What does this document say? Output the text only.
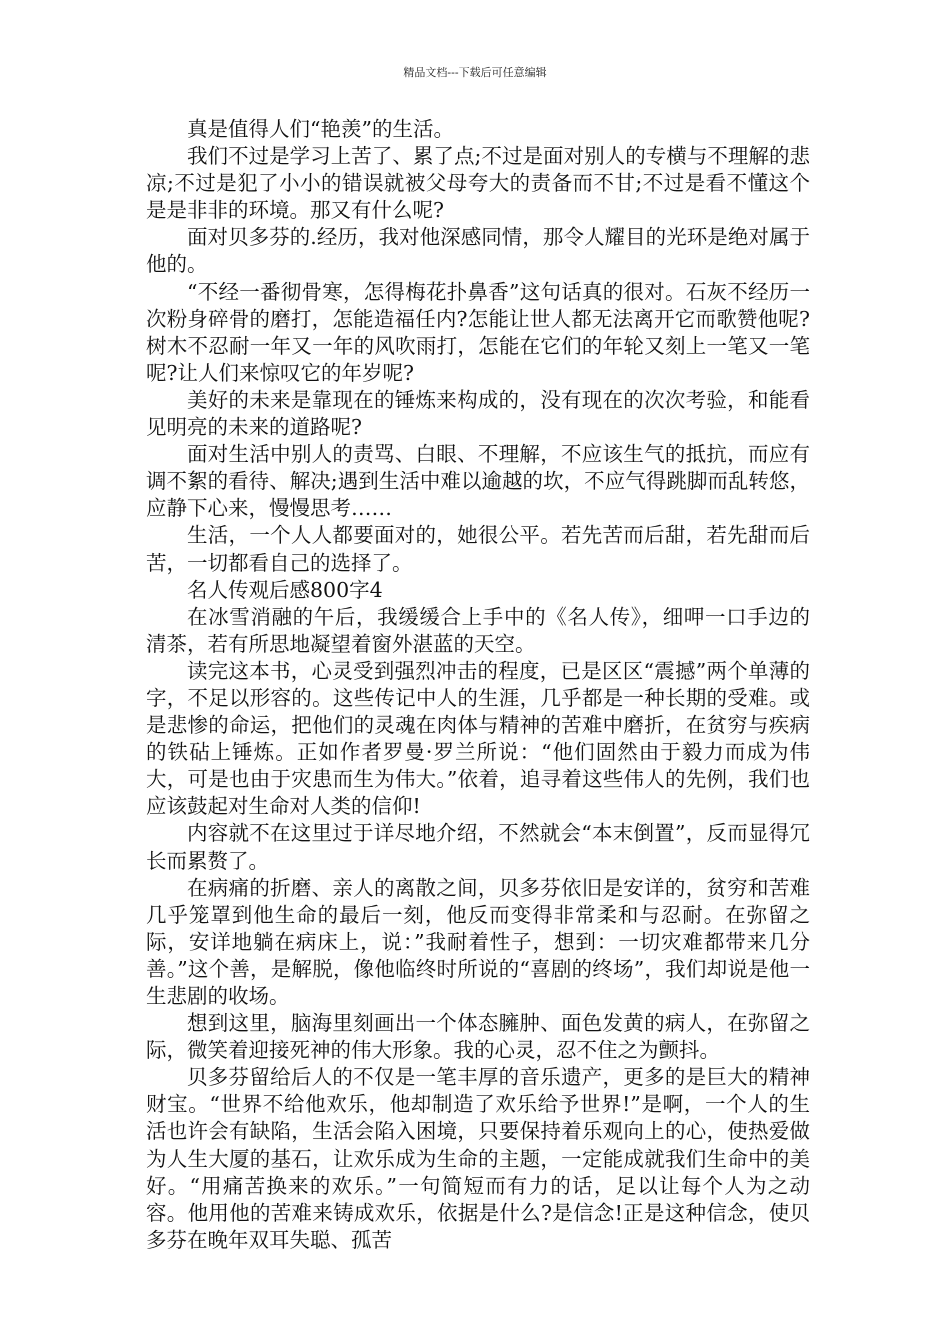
精品文档---下载后可任意编辑

真是值得人们“艳羡”的生活。

我们不过是学习上苦了、累了点;不过是面对别人的专横与不理解的悲凉;不过是犯了小小的错误就被父母夸大的责备而不甘;不过是看不懂这个是是非非的环境。那又有什么呢?

面对贝多芬的.经历，我对他深感同情，那令人耀目的光环是绝对属于他的。

“不经一番彻骨寒，怎得梅花扑鼻香”这句话真的很对。石灰不经历一次粉身碎骨的磨打，怎能造福任内?怎能让世人都无法离开它而歌赞他呢?树木不忍耐一年又一年的风吹雨打，怎能在它们的年轮又刻上一笔又一笔呢?让人们来惊叹它的年岁呢?

美好的未来是靠现在的锤炼来构成的，没有现在的次次考验，和能看见明亮的未来的道路呢?

面对生活中别人的责骂、白眼、不理解，不应该生气的抵抗，而应有调不絮的看待、解决;遇到生活中难以逾越的坎，不应气得跳脚而乱转悠，应静下心来，慢慢思考……

生活，一个人人都要面对的，她很公平。若先苦而后甜，若先甜而后苦，一切都看自己的选择了。

名人传观后感800字4

在冰雪消融的午后，我缓缓合上手中的《名人传》，细呷一口手边的清茶，若有所思地凝望着窗外湛蓝的天空。

读完这本书，心灵受到强烈冲击的程度，已是区区“震撼”两个单薄的字，不足以形容的。这些传记中人的生涯，几乎都是一种长期的受难。或是悲惨的命运，把他们的灵魂在肉体与精神的苦难中磨折，在贫穷与疾病的铁砧上锤炼。正如作者罗曼·罗兰所说：“他们固然由于毅力而成为伟大，可是也由于灾患而生为伟大。”依着，追寻着这些伟人的先例，我们也应该鼓起对生命对人类的信仰!

内容就不在这里过于详尽地介绍，不然就会“本末倒置”，反而显得冗长而累赘了。

在病痛的折磨、亲人的离散之间，贝多芬依旧是安详的，贫穷和苦难几乎笼罩到他生命的最后一刻，他反而变得非常柔和与忍耐。在弥留之际，安详地躺在病床上，说：”我耐着性子，想到：一切灾难都带来几分善。”这个善，是解脱，像他临终时所说的“喜剧的终场”，我们却说是他一生悲剧的收场。

想到这里，脑海里刻画出一个体态臃肿、面色发黄的病人，在弥留之际，微笑着迎接死神的伟大形象。我的心灵，忍不住之为颤抖。

贝多芬留给后人的不仅是一笔丰厚的音乐遗产，更多的是巨大的精神财宝。“世界不给他欢乐，他却制造了欢乐给予世界!”是啊，一个人的生活也许会有缺陷，生活会陷入困境，只要保持着乐观向上的心，使热爱做为人生大厦的基石，让欢乐成为生命的主题，一定能成就我们生命中的美好。“用痛苦换来的欢乐。”一句简短而有力的话，足以让每个人为之动容。他用他的苦难来铸成欢乐，依据是什么?是信念!正是这种信念，使贝多芬在晚年双耳失聪、孤苦
